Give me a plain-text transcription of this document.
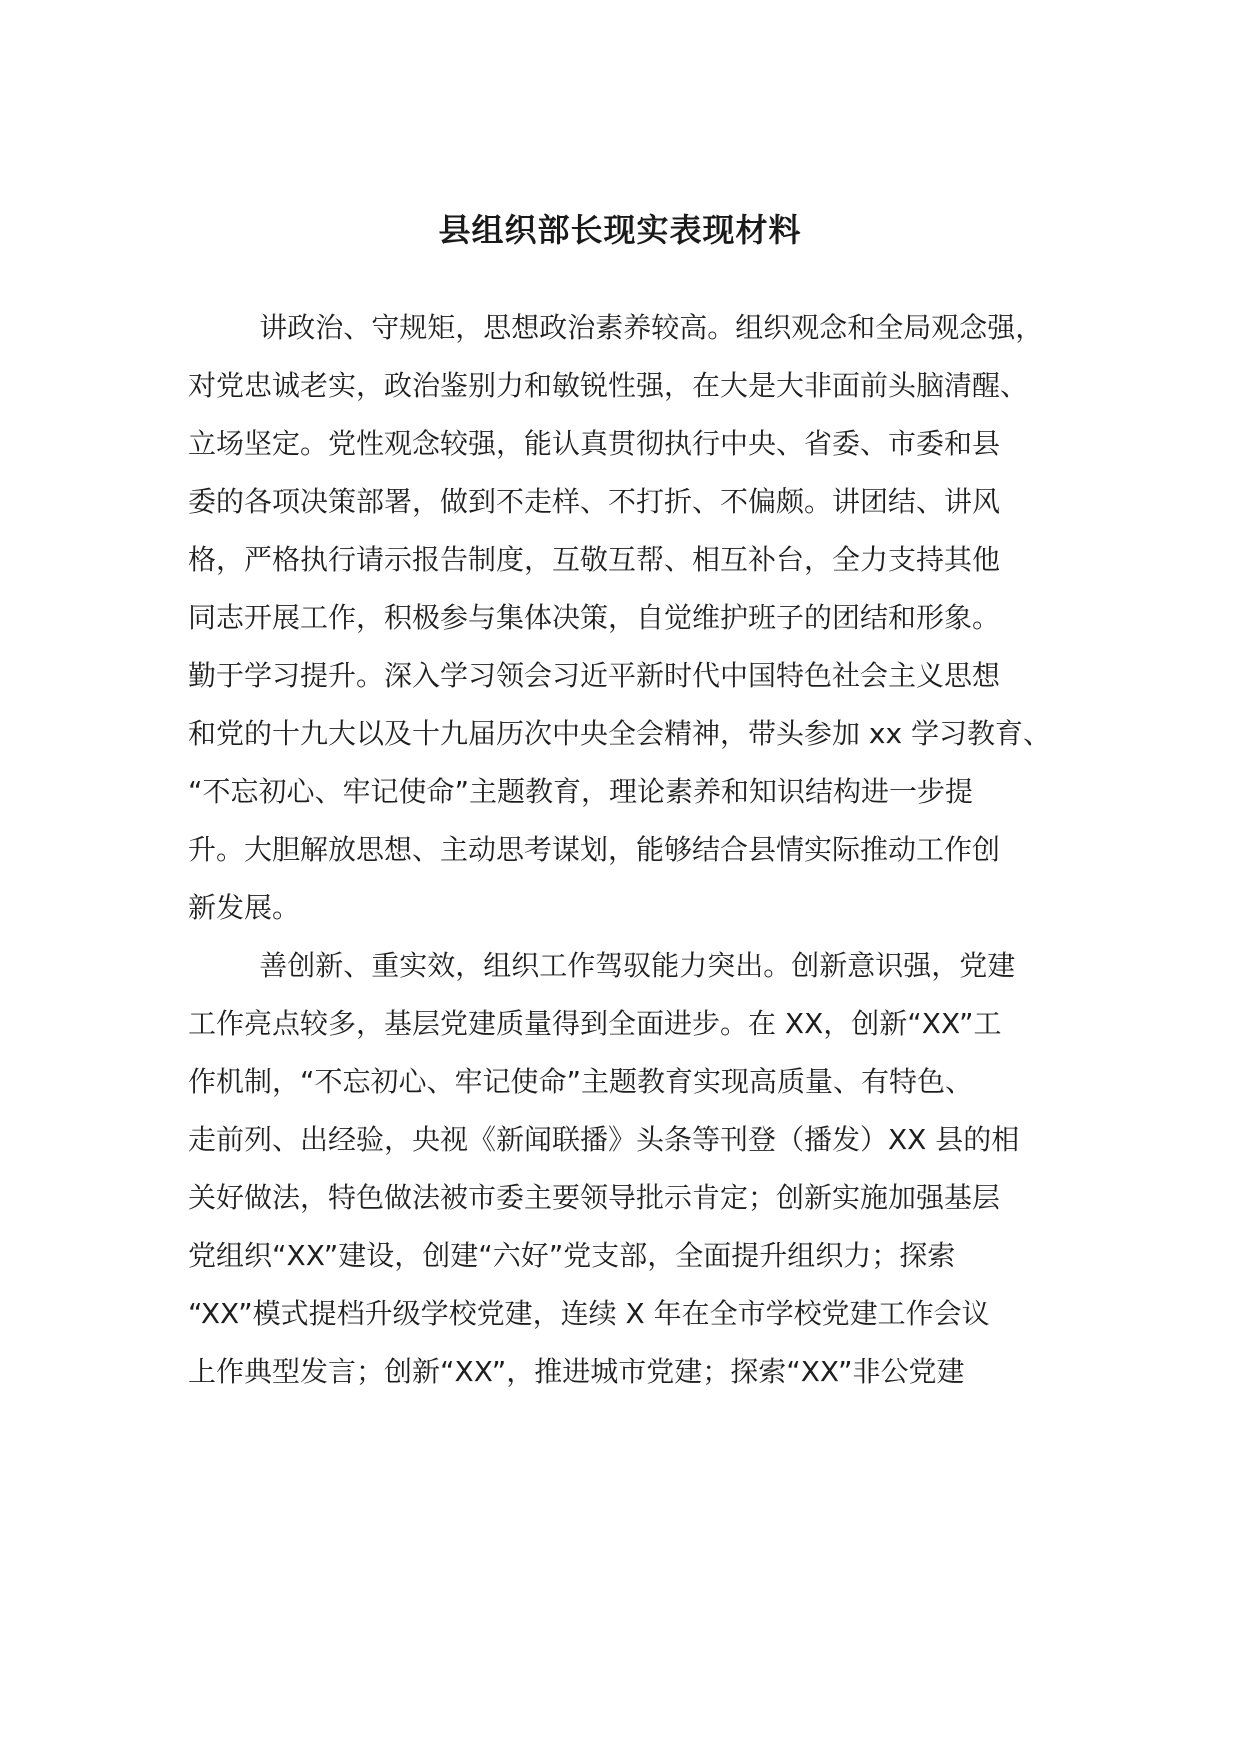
县组织部长现实表现材料
讲政治、守规矩，思想政治素养较高。组织观念和全局观念强，
对党忠诚老实，政治鉴别力和敏锐性强，在大是大非面前头脑清醒、
立场坚定。党性观念较强，能认真贯彻执行中央、省委、市委和县
委的各项决策部署，做到不走样、不打折、不偏颇。讲团结、讲风
格，严格执行请示报告制度，互敬互帮、相互补台，全力支持其他
同志开展工作，积极参与集体决策，自觉维护班子的团结和形象。
勤于学习提升。深入学习领会习近平新时代中国特色社会主义思想
和党的十九大以及十九届历次中央全会精神，带头参加 xx 学习教育、
“不忘初心、牢记使命”主题教育，理论素养和知识结构进一步提
升。大胆解放思想、主动思考谋划，能够结合县情实际推动工作创
新发展。
善创新、重实效，组织工作驾驭能力突出。创新意识强，党建
工作亮点较多，基层党建质量得到全面进步。在 XX，创新“XX”工
作机制，“不忘初心、牢记使命”主题教育实现高质量、有特色、
走前列、出经验，央视《新闻联播》头条等刊登（播发）XX 县的相
关好做法，特色做法被市委主要领导批示肯定；创新实施加强基层
党组织“XX”建设，创建“六好”党支部，全面提升组织力；探索
“XX”模式提档升级学校党建，连续 X 年在全市学校党建工作会议
上作典型发言；创新“XX”，推进城市党建；探索“XX”非公党建
